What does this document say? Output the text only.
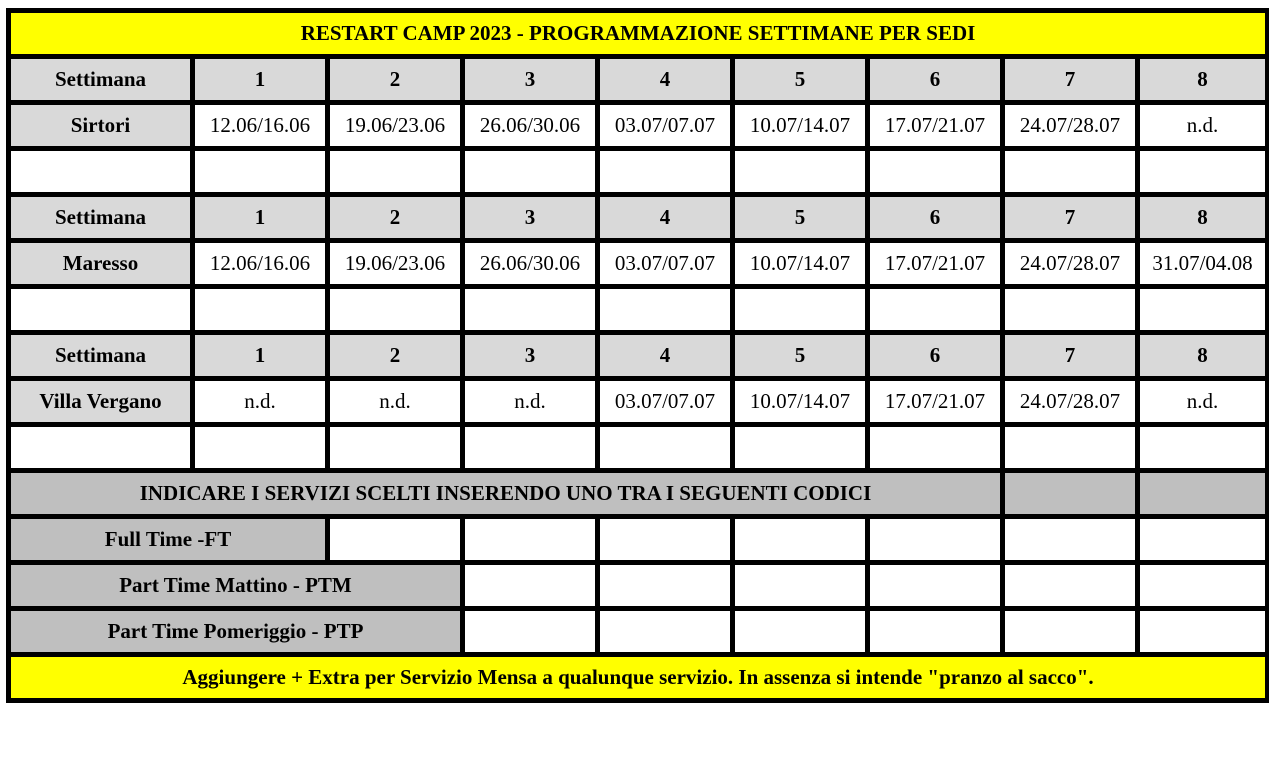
RESTART CAMP 2023 - PROGRAMMAZIONE SETTIMANE PER SEDI								
Settimana	1	2	3	4	5	6	7	8
Sirtori	12.06/16.06	19.06/23.06	26.06/30.06	03.07/07.07	10.07/14.07	17.07/21.07	24.07/28.07	n.d.

Settimana	1	2	3	4	5	6	7	8
Maresso	12.06/16.06	19.06/23.06	26.06/30.06	03.07/07.07	10.07/14.07	17.07/21.07	24.07/28.07	31.07/04.08

Settimana	1	2	3	4	5	6	7	8
Villa Vergano	n.d.	n.d.	n.d.	03.07/07.07	10.07/14.07	17.07/21.07	24.07/28.07	n.d.

INDICARE I SERVIZI SCELTI INSERENDO UNO TRA I SEGUENTI CODICI								
Full Time -FT								
Part Time Mattino - PTM								
Part Time Pomeriggio - PTP								
Aggiungere + Extra per Servizio Mensa a qualunque servizio. In assenza si intende "pranzo al sacco".								
